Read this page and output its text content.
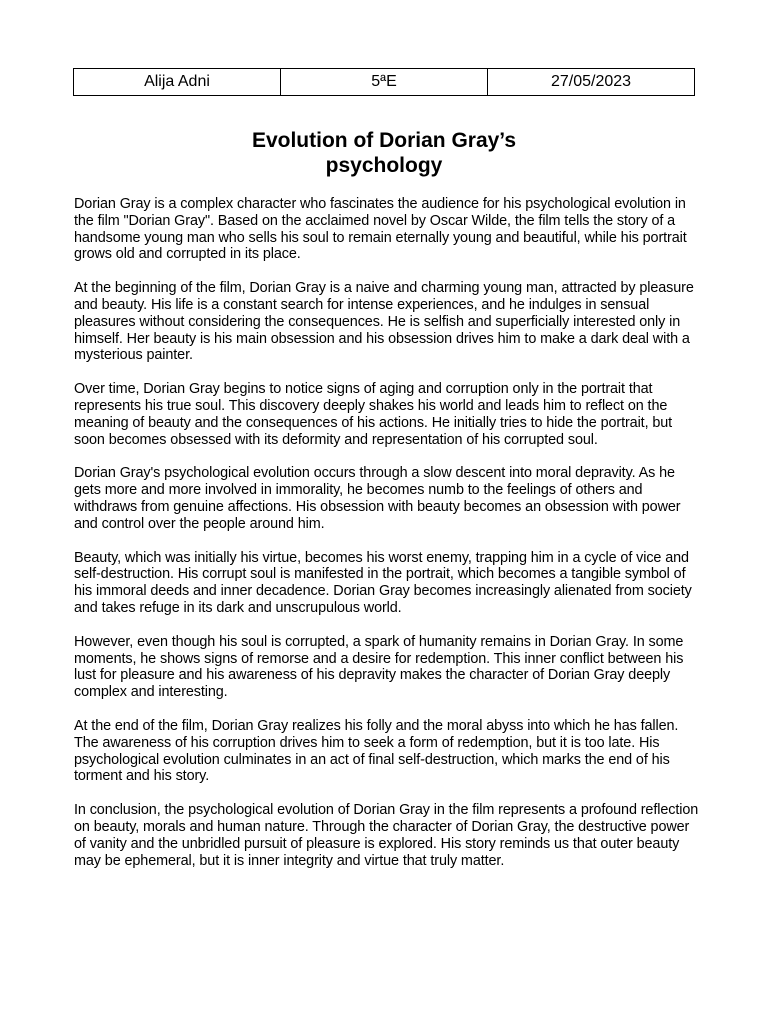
Alija Adni	5ªE	27/05/2023
Evolution of Dorian Gray’s
psychology

Dorian Gray is a complex character who fascinates the audience for his psychological evolution in the film "Dorian Gray". Based on the acclaimed novel by Oscar Wilde, the film tells the story of a handsome young man who sells his soul to remain eternally young and beautiful, while his portrait grows old and corrupted in its place.

At the beginning of the film, Dorian Gray is a naive and charming young man, attracted by pleasure and beauty. His life is a constant search for intense experiences, and he indulges in sensual pleasures without considering the consequences. He is selfish and superficially interested only in himself. Her beauty is his main obsession and his obsession drives him to make a dark deal with a mysterious painter.

Over time, Dorian Gray begins to notice signs of aging and corruption only in the portrait that represents his true soul. This discovery deeply shakes his world and leads him to reflect on the meaning of beauty and the consequences of his actions. He initially tries to hide the portrait, but soon becomes obsessed with its deformity and representation of his corrupted soul.

Dorian Gray's psychological evolution occurs through a slow descent into moral depravity. As he gets more and more involved in immorality, he becomes numb to the feelings of others and withdraws from genuine affections. His obsession with beauty becomes an obsession with power and control over the people around him.

Beauty, which was initially his virtue, becomes his worst enemy, trapping him in a cycle of vice and self-destruction. His corrupt soul is manifested in the portrait, which becomes a tangible symbol of his immoral deeds and inner decadence. Dorian Gray becomes increasingly alienated from society and takes refuge in its dark and unscrupulous world.

However, even though his soul is corrupted, a spark of humanity remains in Dorian Gray. In some moments, he shows signs of remorse and a desire for redemption. This inner conflict between his lust for pleasure and his awareness of his depravity makes the character of Dorian Gray deeply complex and interesting.

At the end of the film, Dorian Gray realizes his folly and the moral abyss into which he has fallen. The awareness of his corruption drives him to seek a form of redemption, but it is too late. His psychological evolution culminates in an act of final self-destruction, which marks the end of his torment and his story.

In conclusion, the psychological evolution of Dorian Gray in the film represents a profound reflection on beauty, morals and human nature. Through the character of Dorian Gray, the destructive power of vanity and the unbridled pursuit of pleasure is explored. His story reminds us that outer beauty may be ephemeral, but it is inner integrity and virtue that truly matter.
